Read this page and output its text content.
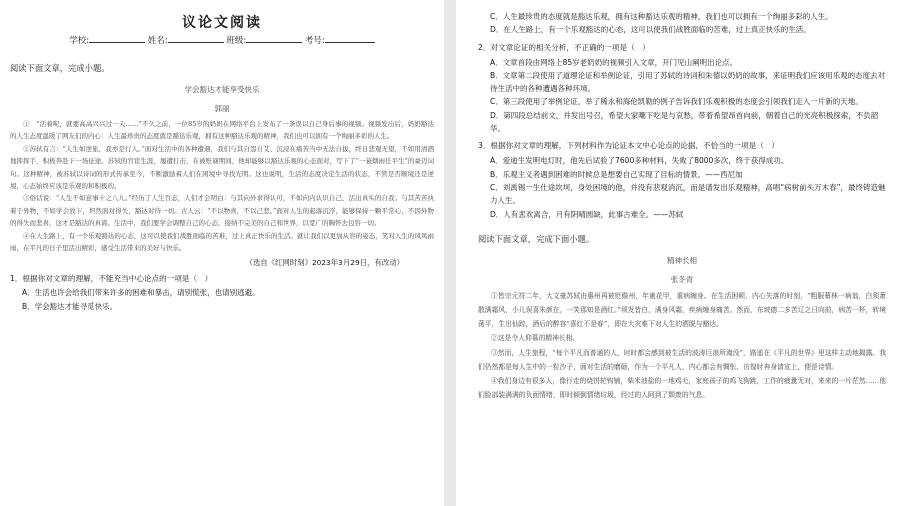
议论文阅读
学校:	姓名:	班级:	考号:
阅读下面文章，完成小题。
学会豁达才能享受快乐
郭丽

①　“活着呢，就要高高兴兴过一天……”不久之前，一位85岁的奶奶在网络平台上发布了一条误以自己身后事的视频。视频发出后，奶奶豁达的人生态度温暖了网友们的内心：人生最珍贵的态度就是豁达乐观，拥有这种豁达乐观的精神，我们也可以拥有一个绚丽多彩的人生。

②苏轼有言：“人生如逆旅，我亦是行人。”面对生活中的各种遭遇，我们与其自怨自艾、沉浸在痛苦当中无法自拔，终日悲观无望，不如用清洒地挥挥手，积极奔赴下一场征途。苏轼的官宦生涯，屡遭打击，在被贬谪期间，他却能够以豁达乐观的心态面对，写下了“一蓑烟雨任平生”的豪迈词句。这种精神，被苏轼以诗词的形式传承至今，不断激励着人们在困境中寻找光明。这也说明，生活的态度决定生活的状态，不管是否顺境还是逆境，心态始终应该是乐观的和积极的。

③俗话说：“人生不如意事十之八九。”经历了人生百态，人们才会明白：与其向外求得认可，不如向内认识自己，活出真实的自我；与其苦苦执着于外物，不如学会放下，坦然面对得失，豁达对待一切。古人云：“不以物喜，不以己悲。”面对人生的起落沉浮，能够保持一颗平常心，不因外物的得失而悲喜，这才是豁达的真谛。生活中，我们要学会调整自己的心态，接纳不完美的自己和世界，以宽广的胸怀去包容一切。

④在人生路上，有一个乐观豁达的心态，这可以使我们战胜面临的苦难，过上真正快乐的生活。就让我们以更加从容的姿态，笑对人生的风风雨雨，在平凡的日子里活出精彩，感受生活带来的美好与快乐。

（选自《红网时刻》2023年3月29日，有改动）
1．根据你对文章的理解，不能充当中心论点的一项是（　）

A．生活也许会给我们带来许多的困难和暴击，请别慌张，也请别逃避。

B．学会豁达才能寻觅快乐。

C．人生最珍贵的态度就是豁达乐观，拥有这种豁达乐观的精神，我们也可以拥有一个绚丽多彩的人生。

D．在人生路上，有一个乐观豁达的心态，这可以使我们战胜面临的苦难，过上真正快乐的生活。

2．对文章论证的相关分析，不正确的一项是（　）

A．文章首段由网络上85岁老奶奶的视频引入文章，开门见山阐明出论点。

B．文章第二段使用了道理论证和举例论证，引用了苏轼的诗词和朱德以奶奶的故事，来证明我们应该用乐观的态度去对待生活中的各种遭遇各种环境。

C．第三段使用了举例论证，举了稀永和海伦凯勒的例子告诉我们乐观积极的态度会引领我们走入一片新的天地。

D．第四段总结前文，并发出号召，希望大家嘲下吃是与哀愁，带着希望昂首向前，朝着自己的光亮积极探索，不负韶华。

3．根据你对文章的理解，下列材料作为论证本文中心论点的论据，不恰当的一项是（　）

A．爱迪生发明电灯时，他先后试验了7600多种材料，失败了8000多次，终于获得成功。

B．乐观主义者遇到困难的时候总是想要自己实现了目标的情景。——西尼加

C．刘禹锡一生仕途坎坷，身处困境的他，并没有悲观消沉，而是谱发出乐观精神，高唱“病树前头万木春”，最终铸造魅力人生。

D．人有悲欢离合，月有阴晴圆缺，此事古难全。——苏轼

阅读下面文章，完成下面小题。
精神长相
张冬青

①皆宗元符二年，大文豪苏轼由惠州再被贬儋州，年逾花甲，重病缠身。在生活困顿、内心失落的时刻，“粗服幕林一病翁，白须萧散满霜风，小儿误喜朱颜在，一笑那知是酒红。”须发皆白，满身风霜，疾病缠身痛苦。然而，东坡德二多苦辽之日向前，病苦一杯，转境荡平，生出仙踪，酒后的醉容“喜红不是春”，即在大灾难下对人生的洒脱与豁达。

②这是令人仰慕的精神长相。

③然而，人生旅程，“每个平凡而普通的人，时时都会感到被生活的波涛巨浪所淹没”，路遥在《平凡的世界》里这样主动地揭露。我们仍然都是每人生中的一粒沙子，面对生活的磨砺，作为一个平凡人，内心都会有惆怅、彷徨时奔身请宣上，便是诗情。

④我们身边有很多人，像行走的烧饼轮钩铺，柴米油盐的一地鸡毛，家庭孩子的鸡飞狗跳，工作的疲惫无对，来来的一片茫然……他们脸部装满满的负面情绪，即时倾倒情绪垃圾，经过的人阿到了颓废的气息。
